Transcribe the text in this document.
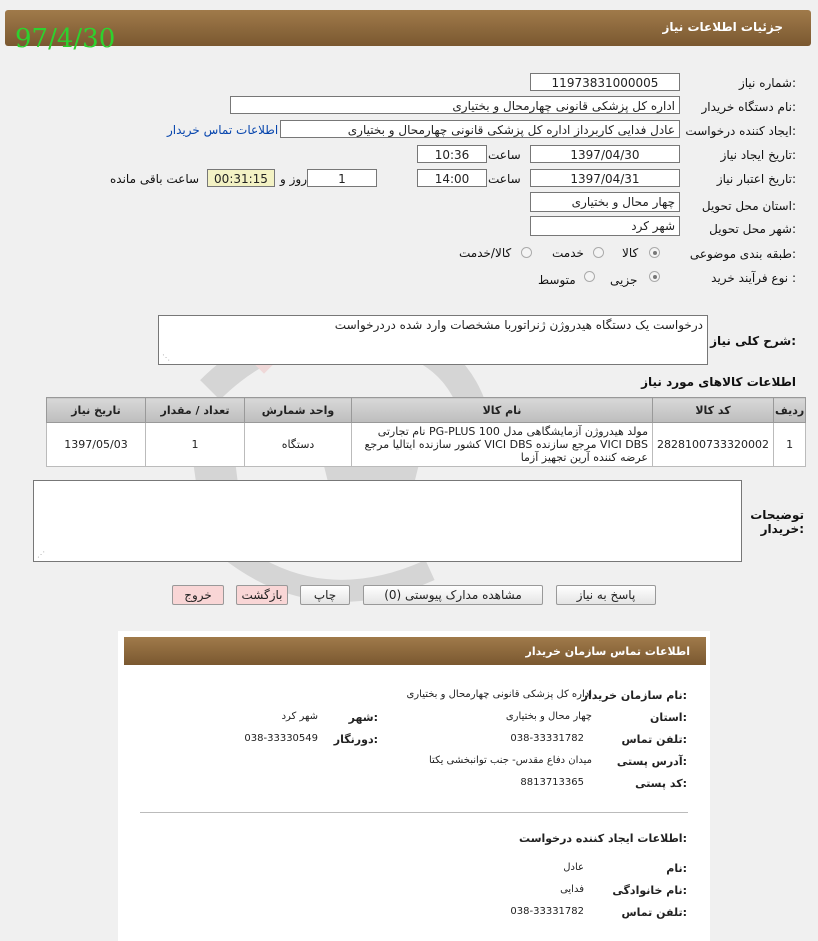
جزئیات اطلاعات نیاز
97/4/30
شماره نیاز:
11973831000005
نام دستگاه خریدار:
اداره کل پزشکی قانونی چهارمحال و بختیاری
ایجاد کننده درخواست:
عادل فدایی کاربرداز اداره کل پزشکی قانونی چهارمحال و بختیاری
اطلاعات تماس خریدار
تاریخ ایجاد نیاز:
1397/04/30
ساعت
10:36
تاریخ اعتبار نیاز:
1397/04/31
ساعت
14:00
1
روز و
00:31:15
ساعت باقی مانده
استان محل تحویل:
چهار محال و بختیاری
شهر محل تحویل:
شهر کرد
طبقه بندی موضوعی:
کالا
خدمت
کالا/خدمت
نوع فرآیند خرید :
جزیی
متوسط
شرح کلی نیاز:
درخواست یک دستگاه هیدروژن ژنراتوربا مشخصات وارد شده دردرخواست
⋰
اطلاعات کالاهای مورد نیاز
ردیف	کد کالا	نام کالا	واحد شمارش	تعداد / مقدار	تاریخ نیاز
1	2828100733320002	مولد هیدروژن آزمایشگاهی مدل PG-PLUS 100 نام تجارتی VICI DBS مرجع سازنده VICI DBS کشور سازنده ایتالیا مرجع عرضه کننده آرین تجهیز آزما	دستگاه	1	1397/05/03
توضیحات خریدار:
⋰
پاسخ به نیاز
مشاهده مدارک پیوستی (0)
چاپ
بازگشت
خروج
اطلاعات تماس سازمان خریدار
نام سازمان خریدار:
اداره کل پزشکی قانونی چهارمحال و بختیاری
استان:
چهار محال و بختیاری
شهر:
شهر کرد
تلفن تماس:
038-33331782
دورنگار:
038-33330549
آدرس پستی:
میدان دفاع مقدس- جنب توانبخشی یکتا
کد پستی:
8813713365
اطلاعات ایجاد کننده درخواست:
نام:
عادل
نام خانوادگی:
فدایی
تلفن تماس:
038-33331782
